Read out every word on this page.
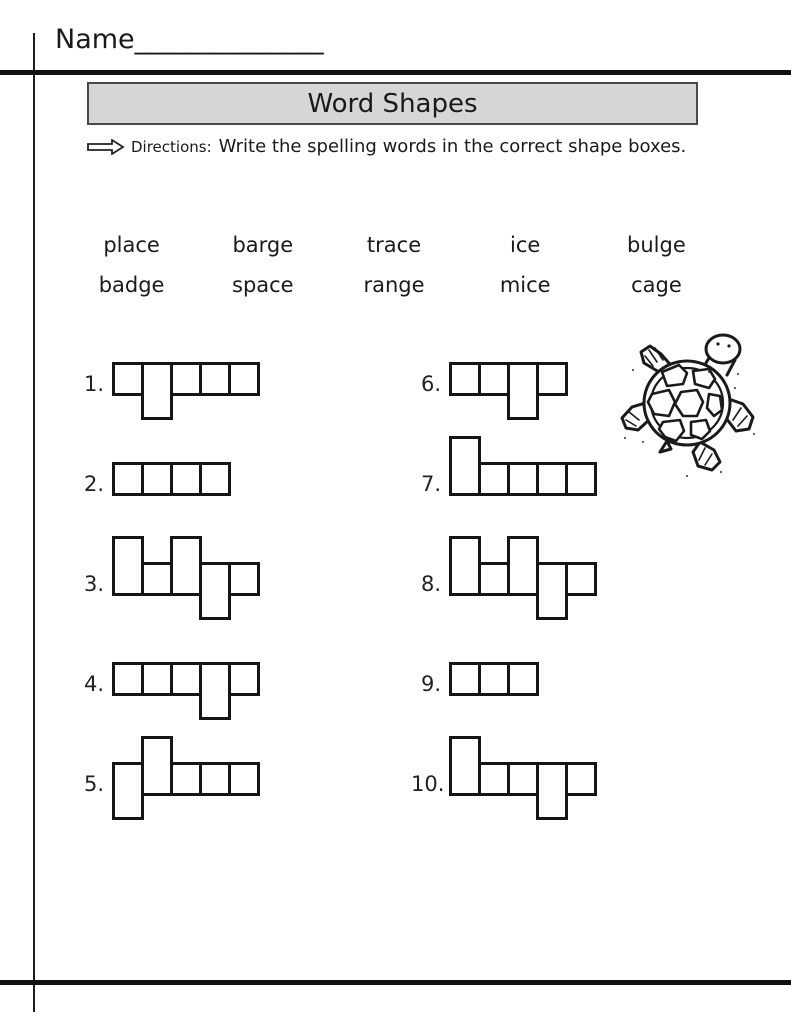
Name______________
Word Shapes
Directions: Write the spelling words in the correct shape boxes.
place	barge	trace	ice	bulge
badge	space	range	mice	cage
1.
2.
3.
4.
5.
6.
7.
8.
9.
10.
